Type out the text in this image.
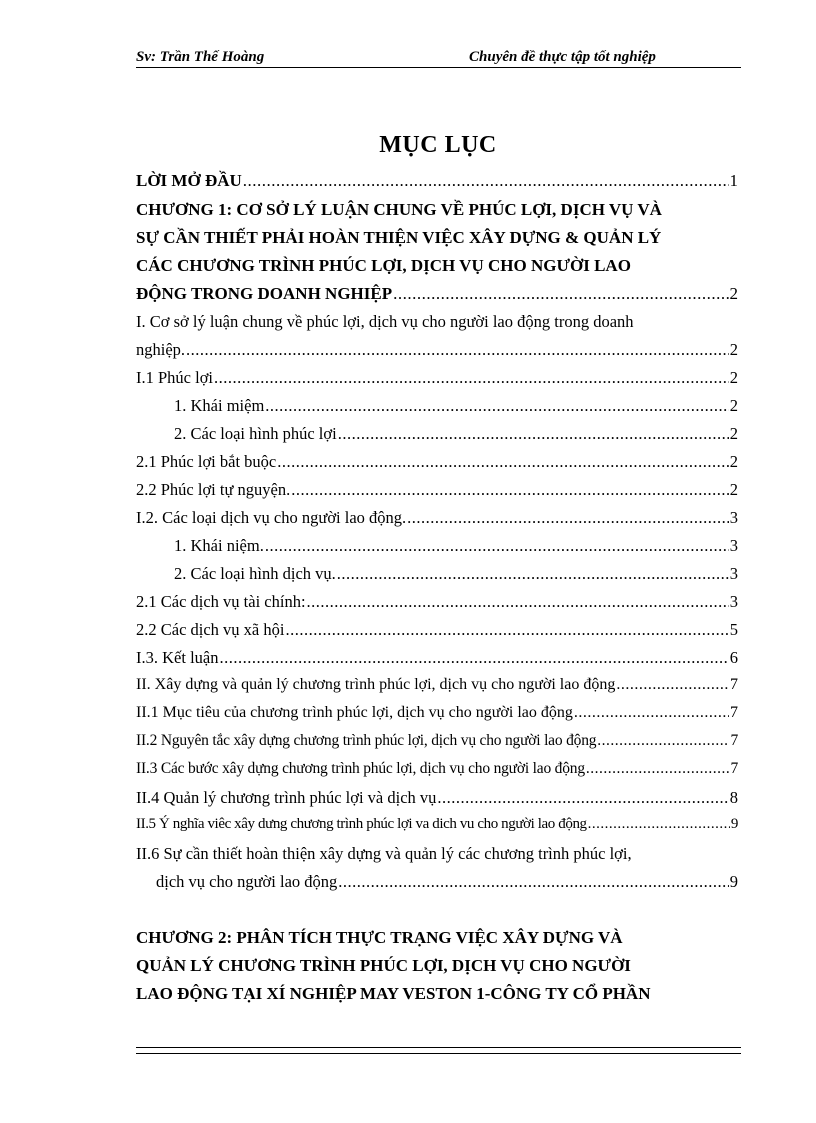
Sv: Trần Thế Hoàng	Chuyên đề thực tập tốt nghiệp
MỤC LỤC
LỜI MỞ ĐẦU .....	1
CHƯƠNG 1: CƠ SỞ LÝ LUẬN CHUNG VỀ PHÚC LỢI, DỊCH VỤ VÀ
SỰ CẦN THIẾT PHẢI HOÀN THIỆN VIỆC XÂY DỰNG & QUẢN LÝ
CÁC CHƯƠNG TRÌNH PHÚC LỢI, DỊCH VỤ CHO NGƯỜI LAO
ĐỘNG TRONG DOANH NGHIỆP .....	2
I. Cơ sở lý luận chung về phúc lợi, dịch vụ cho người lao động trong doanh
nghiệp. .....	2
I.1 Phúc lợi .....	2
1. Khái miệm .....	2
2. Các loại hình phúc lợi .....	2
2.1 Phúc lợi bắt buộc .....	2
2.2 Phúc lợi tự nguyện. .....	2
I.2. Các loại dịch vụ cho người lao động. .....	3
1. Khái niệm. .....	3
2. Các loại hình dịch vụ. .....	3
2.1 Các dịch vụ tài chính: .....	3
2.2 Các dịch vụ xã hội .....	5
I.3. Kết luận .....	6
II. Xây dựng và quản lý chương trình phúc lợi, dịch vụ cho người lao động .....	7
II.1 Mục tiêu của chương trình phúc lợi, dịch vụ cho người lao động .....	7
II.2 Nguyên tắc xây dựng chương trình phúc lợi, dịch vụ cho người lao động .....	7
II.3 Các bước xây dựng chương trình phúc lợi, dịch vụ cho người lao động .....	7
II.4 Quản lý chương trình phúc lợi và dịch vụ .....	8
II.5 Ý nghĩa viêc xây dưng chương trình phúc lợi va dich vu cho người lao động .....	9
II.6 Sự cần thiết hoàn thiện xây dựng và quản lý các chương trình phúc lợi,
dịch vụ cho người lao động .....	9
CHƯƠNG 2: PHÂN TÍCH THỰC TRẠNG VIỆC XÂY DỰNG VÀ
QUẢN LÝ CHƯƠNG TRÌNH PHÚC LỢI, DỊCH VỤ CHO NGƯỜI
LAO ĐỘNG TẠI XÍ NGHIỆP MAY VESTON 1-CÔNG TY CỔ PHẦN
